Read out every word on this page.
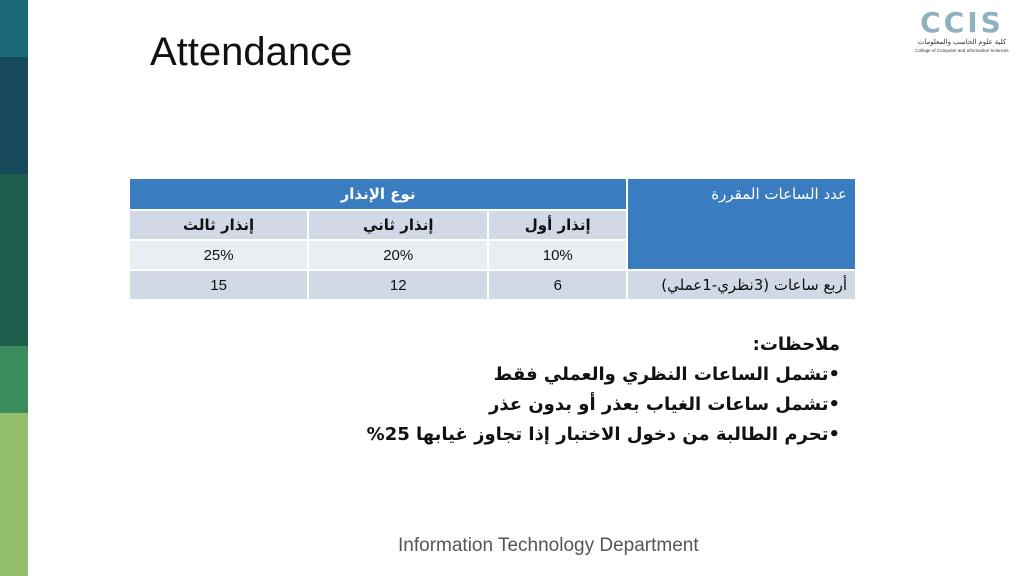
Attendance
CCIS
كلية علوم الحاسب والمعلومات
College of Computer and Information Sciences
عدد الساعات المقررة	نوع الإنذار		
	إنذار أول	إنذار ثاني	إنذار ثالث
	10%	20%	25%
أربع ساعات (3نظري-1عملي)	6	12	15
ملاحظات:
•تشمل الساعات النظري والعملي فقط
•تشمل ساعات الغياب بعذر أو بدون عذر
•تحرم الطالبة من دخول الاختبار إذا تجاوز غيابها 25%
Information Technology Department
